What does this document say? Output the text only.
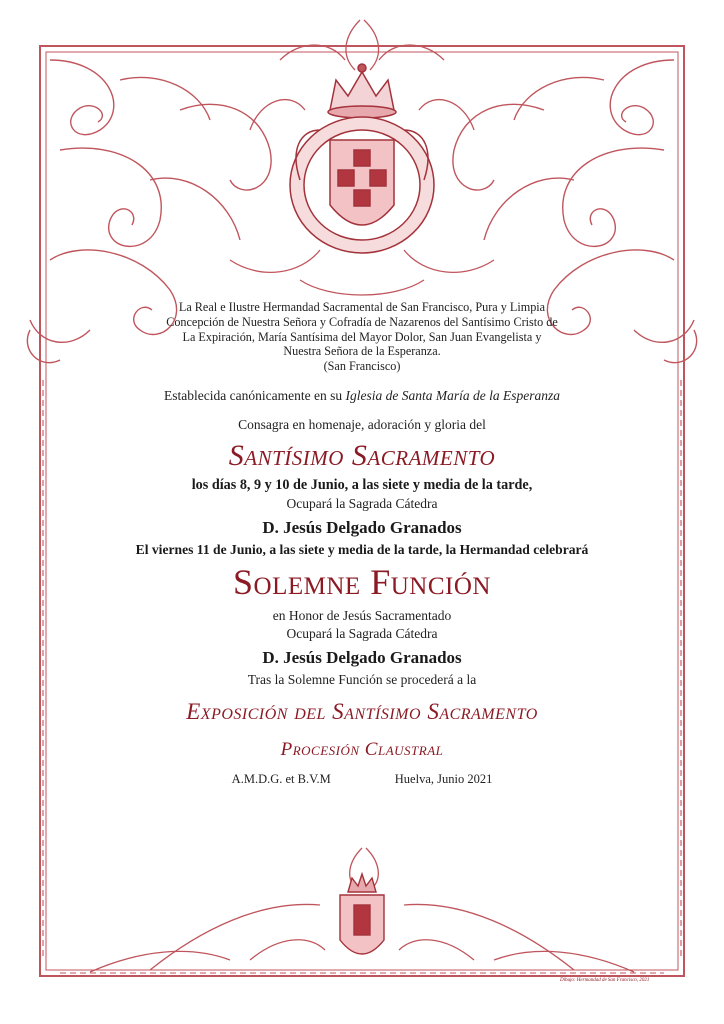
La Real e Ilustre Hermandad Sacramental de San Francisco, Pura y Limpia
Concepción de Nuestra Señora y Cofradía de Nazarenos del Santísimo Cristo de
La Expiración, María Santísima del Mayor Dolor, San Juan Evangelista y
Nuestra Señora de la Esperanza.
(San Francisco)
Establecida canónicamente en su Iglesia de Santa María de la Esperanza
Consagra en homenaje, adoración y gloria del
Santísimo Sacramento
los días 8, 9 y 10 de Junio, a las siete y media de la tarde,
Ocupará la Sagrada Cátedra
D. Jesús Delgado Granados
El viernes 11 de Junio, a las siete y media de la tarde, la Hermandad celebrará
Solemne Función
en Honor de Jesús Sacramentado
Ocupará la Sagrada Cátedra
D. Jesús Delgado Granados
Tras la Solemne Función se procederá a la
Exposición del Santísimo Sacramento
Procesión Claustral
A.M.D.G. et B.V.M	Huelva, Junio 2021
Dibujo: Hermandad de San Francisco, 2021
